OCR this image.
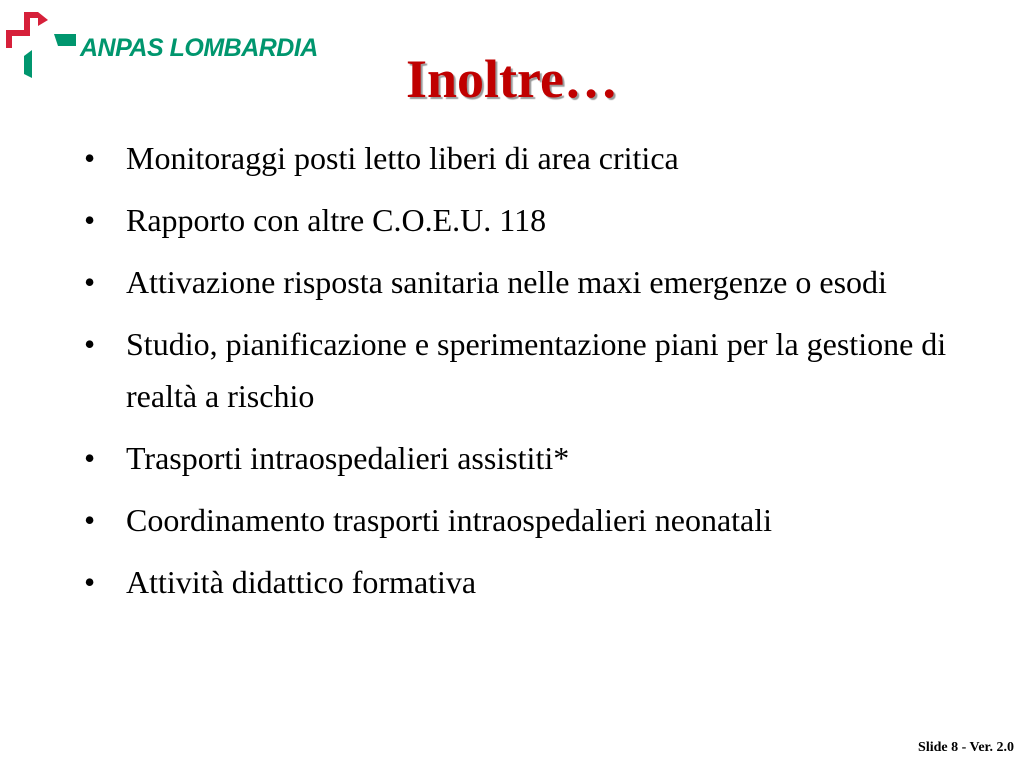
ANPAS LOMBARDIA
Inoltre…
• Monitoraggi posti letto liberi di area critica
• Rapporto con altre C.O.E.U. 118
• Attivazione risposta sanitaria nelle maxi emergenze o esodi
• Studio, pianificazione e sperimentazione piani per la gestione di realtà a rischio
• Trasporti intraospedalieri assistiti*
• Coordinamento trasporti intraospedalieri neonatali
• Attività didattico formativa
Slide 8 - Ver. 2.0
